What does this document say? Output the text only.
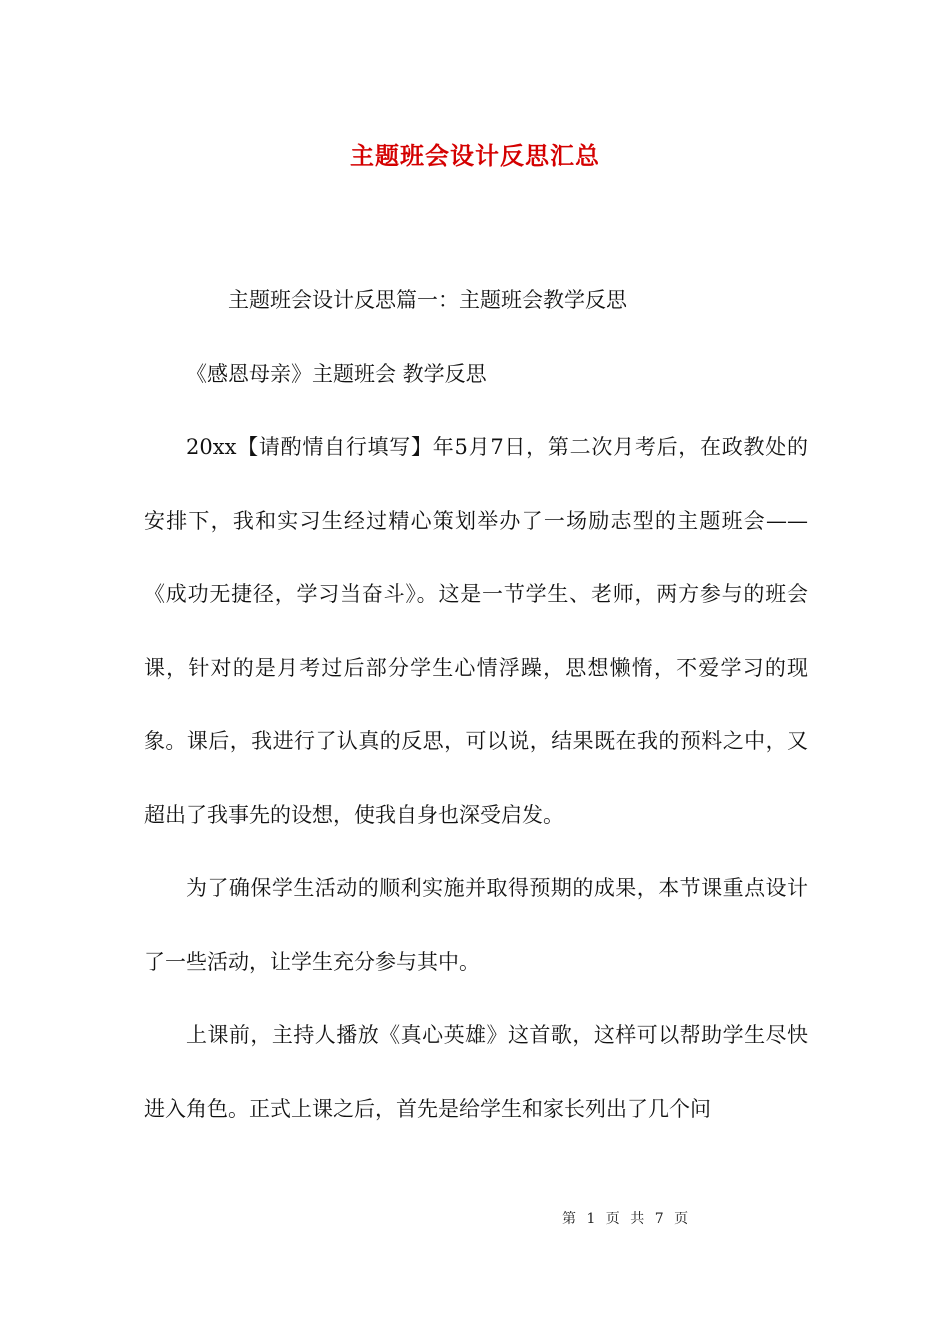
主题班会设计反思汇总

主题班会设计反思篇一：主题班会教学反思

《感恩母亲》主题班会 教学反思

20xx【请酌情自行填写】年5月7日，第二次月考后，在政教处的安排下，我和实习生经过精心策划举办了一场励志型的主题班会——《成功无捷径，学习当奋斗》。这是一节学生、老师，两方参与的班会课，针对的是月考过后部分学生心情浮躁，思想懒惰，不爱学习的现象。课后，我进行了认真的反思，可以说，结果既在我的预料之中，又超出了我事先的设想，使我自身也深受启发。

为了确保学生活动的顺利实施并取得预期的成果，本节课重点设计了一些活动，让学生充分参与其中。

上课前，主持人播放《真心英雄》这首歌，这样可以帮助学生尽快进入角色。正式上课之后，首先是给学生和家长列出了几个问

第 1 页 共 7 页
